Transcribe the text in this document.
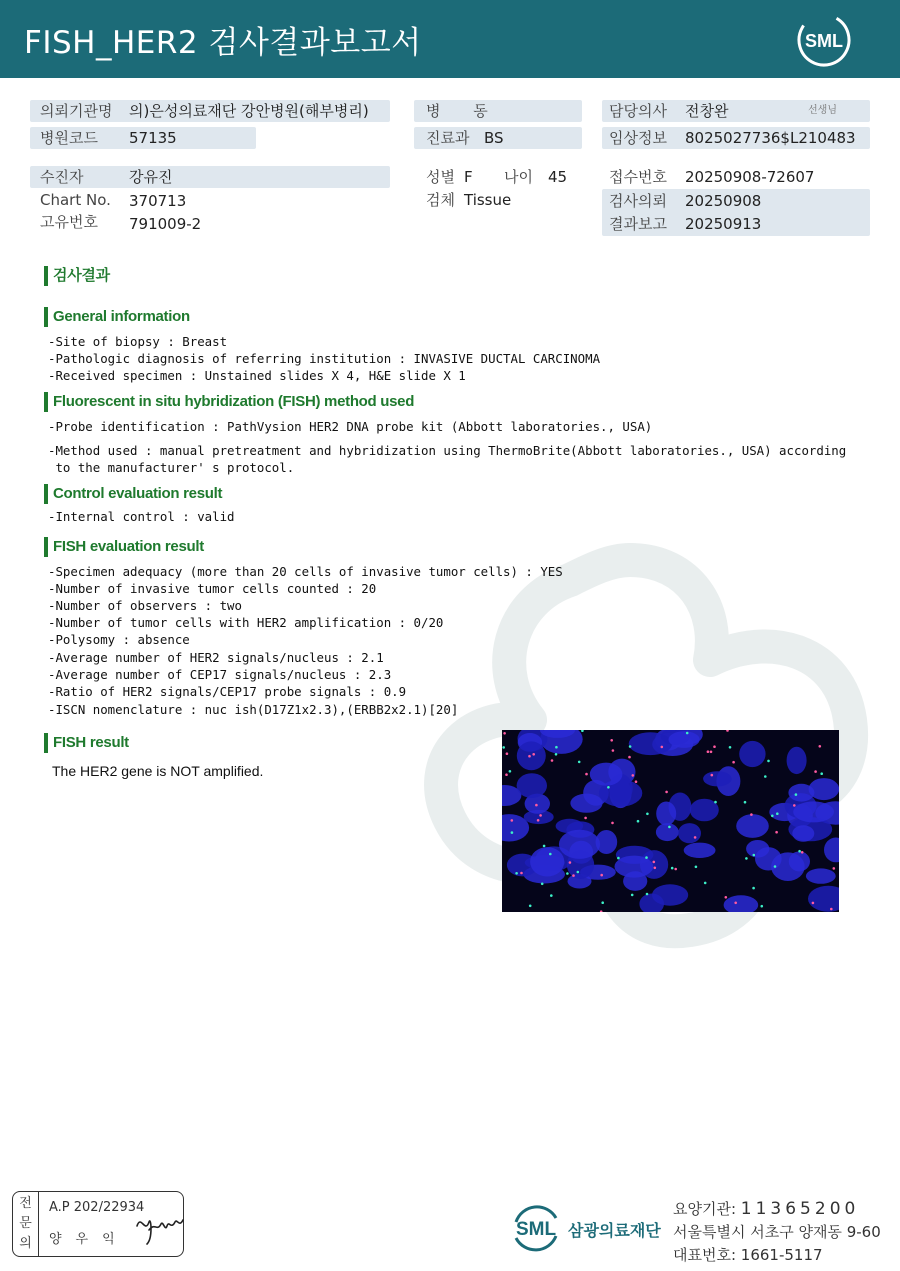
FISH_HER2 검사결과보고서	SML
의뢰기관명 의)은성의료재단 강안병원(해부병리)
병원코드 57135
병 동
진료과 BS
담당의사 전창완	선생님
임상정보 8025027736$L210483
수진자	강유진
Chart No. 370713
고유번호 791009-2
성별 F 나이 45
검체 Tissue
접수번호 20250908-72607
검사의뢰 20250908
결과보고 20250913
검사결과
General information
-Site of biopsy : Breast
-Pathologic diagnosis of referring institution : INVASIVE DUCTAL CARCINOMA
-Received specimen : Unstained slides X 4, H&E slide X 1
Fluorescent in situ hybridization (FISH) method used
-Probe identification : PathVysion HER2 DNA probe kit (Abbott laboratories., USA)
-Method used : manual pretreatment and hybridization using ThermoBrite(Abbott laboratories., USA) according
to the manufacturer' s protocol.
Control evaluation result
-Internal control : valid
FISH evaluation result
-Specimen adequacy (more than 20 cells of invasive tumor cells) : YES
-Number of invasive tumor cells counted : 20
-Number of observers : two
-Number of tumor cells with HER2 amplification : 0/20
-Polysomy : absence
-Average number of HER2 signals/nucleus : 2.1
-Average number of CEP17 signals/nucleus : 2.3
-Ratio of HER2 signals/CEP17 probe signals : 0.9
-ISCN nomenclature : nuc ish(D17Z1x2.3),(ERBB2x2.1)[20]
FISH result
The HER2 gene is NOT amplified.
전
문
의
A.P 202/22934
양우익	SML 삼광의료재단
요양기관: 11365200
서울특별시 서초구 양재동 9-60
대표번호: 1661-5117
